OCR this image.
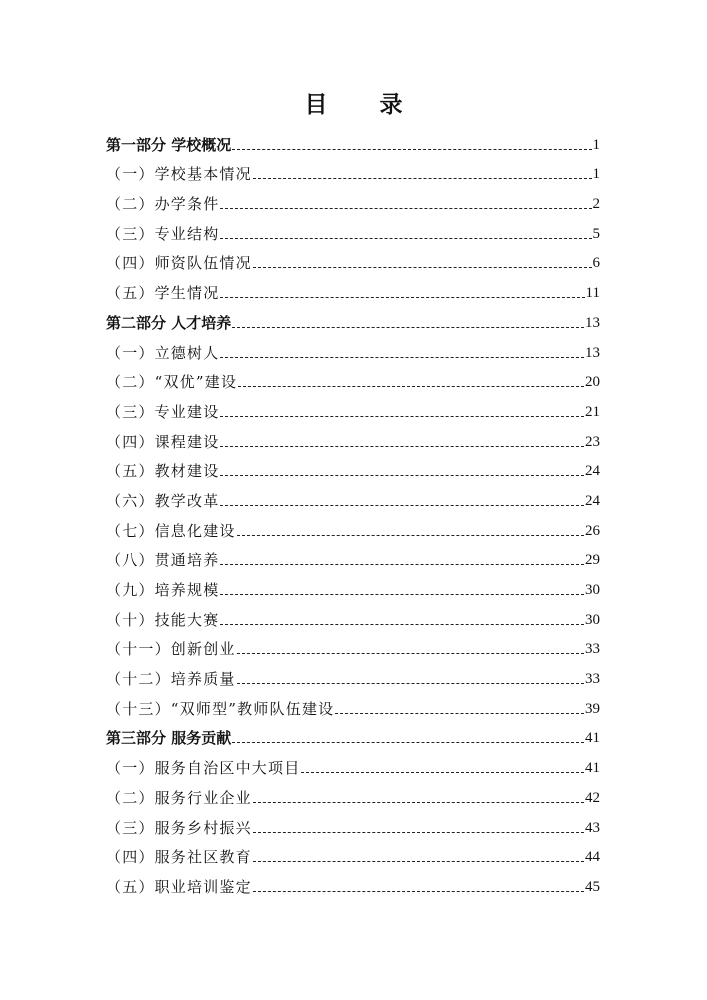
目 录
第一部分 学校概况	1
（一）学校基本情况	1
（二）办学条件	2
（三）专业结构	5
（四）师资队伍情况	6
（五）学生情况	11
第二部分 人才培养	13
（一）立德树人	13
（二）“双优”建设	20
（三）专业建设	21
（四）课程建设	23
（五）教材建设	24
（六）教学改革	24
（七）信息化建设	26
（八）贯通培养	29
（九）培养规模	30
（十）技能大赛	30
（十一）创新创业	33
（十二）培养质量	33
（十三）“双师型”教师队伍建设	39
第三部分 服务贡献	41
（一）服务自治区中大项目	41
（二）服务行业企业	42
（三）服务乡村振兴	43
（四）服务社区教育	44
（五）职业培训鉴定	45
